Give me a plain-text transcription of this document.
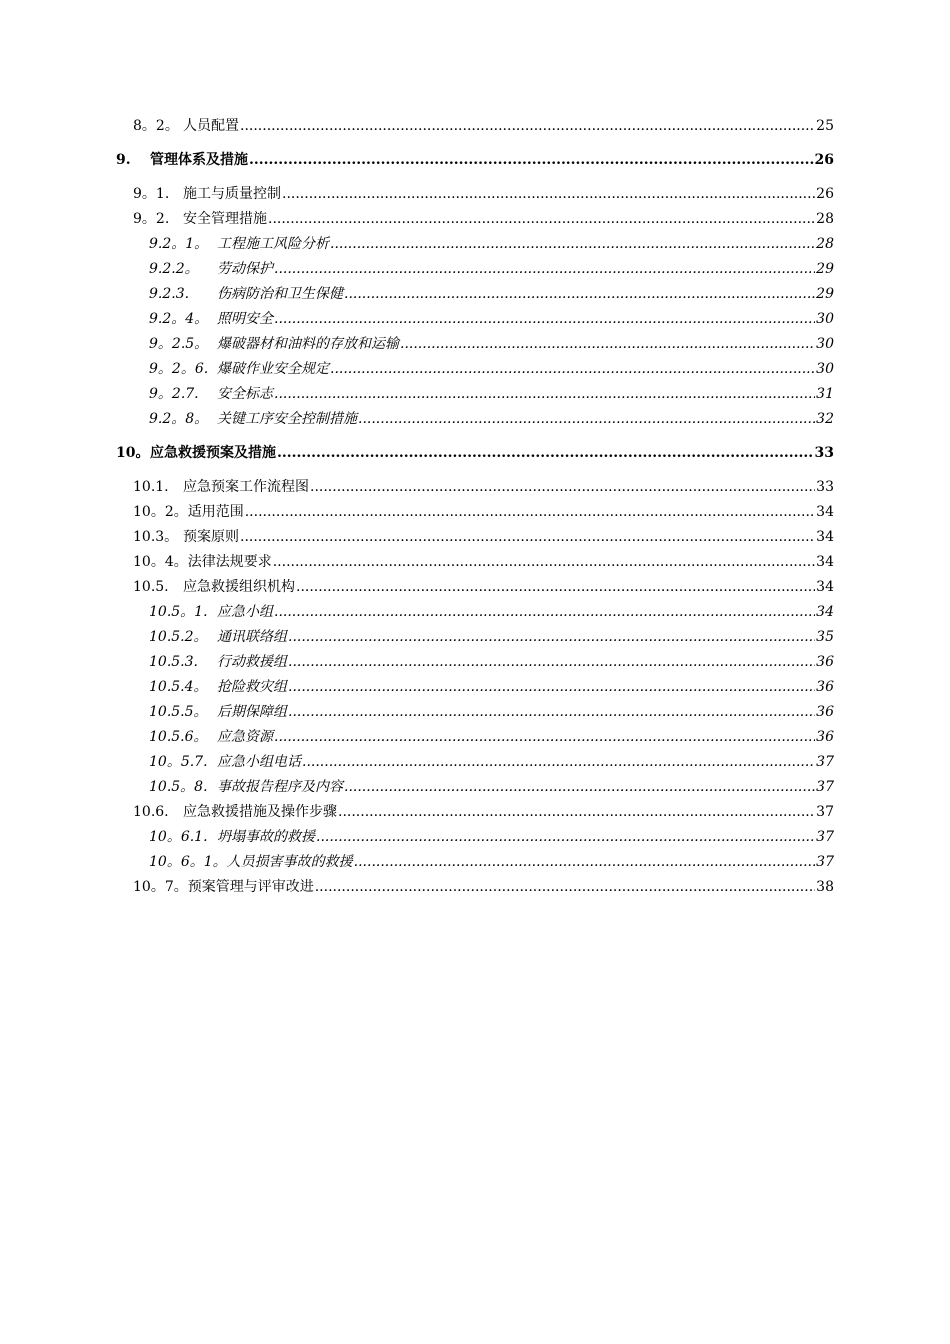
8。2。 人员配置 .....	25
9.	管理体系及措施 .....	26
9。1. 施工与质量控制 .....	26
9。2. 安全管理措施 .....	28
9.2。1。 工程施工风险分析 .....	28
9.2.2。	劳动保护 .....	29
9.2.3.	伤病防治和卫生保健 .....	29
9.2。4。 照明安全 .....	30
9。2.5。 爆破器材和油料的存放和运输 .....	30
9。2。6. 爆破作业安全规定 .....	30
9。2.7.	安全标志 .....	31
9.2。8。 关键工序安全控制措施 .....	32
10。 应急救援预案及措施 .....	33
10.1.	应急预案工作流程图 .....	33
10。2。 适用范围 .....	34
10.3。 预案原则 .....	34
10。4。 法律法规要求 .....	34
10.5.	应急救援组织机构 .....	34
10.5。1. 应急小组 .....	34
10.5.2。 通讯联络组 .....	35
10.5.3.	行动救援组 .....	36
10.5.4。 抢险救灾组 .....	36
10.5.5。 后期保障组 .....	36
10.5.6。 应急资源 .....	36
10。5.7. 应急小组电话 .....	37
10.5。8. 事故报告程序及内容 .....	37
10.6.	应急救援措施及操作步骤 .....	37
10。6.1. 坍塌事故的救援 .....	37
10。6。1。 人员损害事故的救援 .....	37
10。7。 预案管理与评审改进 .....	38
